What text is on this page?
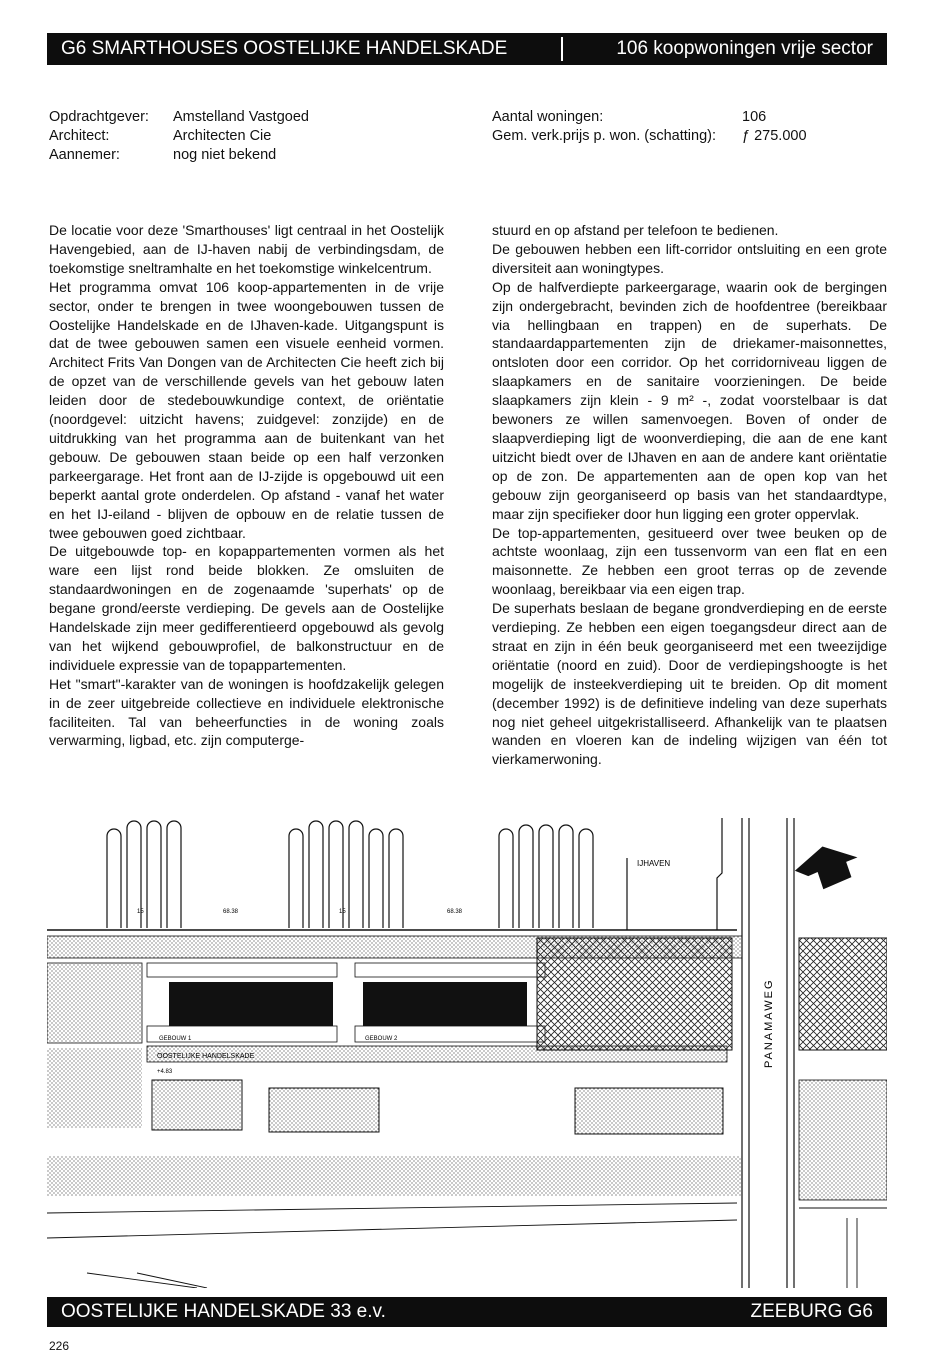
G6 SMARTHOUSES OOSTELIJKE HANDELSKADE	106 koopwoningen vrije sector
Opdrachtgever:	Amstelland Vastgoed
Architect:	Architecten Cie
Aannemer:	nog niet bekend
Aantal woningen:	106
Gem. verk.prijs p. won. (schatting):	ƒ 275.000

De locatie voor deze 'Smarthouses' ligt centraal in het Oostelijk Havengebied, aan de IJ-haven nabij de verbindingsdam, de toekomstige sneltramhalte en het toekomstige winkelcentrum.

Het programma omvat 106 koop-appartementen in de vrije sector, onder te brengen in twee woongebouwen tussen de Oostelijke Handelskade en de IJhaven-kade. Uitgangspunt is dat de twee gebouwen samen een visuele eenheid vormen. Architect Frits Van Dongen van de Architecten Cie heeft zich bij de opzet van de verschillende gevels van het gebouw laten leiden door de stedebouwkundige context, de oriëntatie (noordgevel: uitzicht havens; zuidgevel: zonzijde) en de uitdrukking van het programma aan de buitenkant van het gebouw. De gebouwen staan beide op een half verzonken parkeergarage. Het front aan de IJ-zijde is opgebouwd uit een beperkt aantal grote onderdelen. Op afstand - vanaf het water en het IJ-eiland - blijven de opbouw en de relatie tussen de twee gebouwen goed zichtbaar.

De uitgebouwde top- en kopappartementen vormen als het ware een lijst rond beide blokken. Ze omsluiten de standaardwoningen en de zogenaamde 'superhats' op de begane grond/eerste verdieping. De gevels aan de Oostelijke Handelskade zijn meer gedifferentieerd opgebouwd als gevolg van het wijkend gebouwprofiel, de balkonstructuur en de individuele expressie van de topappartementen.

Het "smart"-karakter van de woningen is hoofdzakelijk gelegen in de zeer uitgebreide collectieve en individuele elektronische faciliteiten. Tal van beheerfuncties in de woning zoals verwarming, ligbad, etc. zijn computerge-

stuurd en op afstand per telefoon te bedienen.

De gebouwen hebben een lift-corridor ontsluiting en een grote diversiteit aan woningtypes.

Op de halfverdiepte parkeergarage, waarin ook de bergingen zijn ondergebracht, bevinden zich de hoofdentree (bereikbaar via hellingbaan en trappen) en de superhats. De standaardappartementen zijn de driekamer-maisonnettes, ontsloten door een corridor. Op het corridorniveau liggen de slaapkamers en de sanitaire voorzieningen. De beide slaapkamers zijn klein - 9 m² -, zodat voorstelbaar is dat bewoners ze willen samenvoegen. Boven of onder de slaapverdieping ligt de woonverdieping, die aan de ene kant uitzicht biedt over de IJhaven en aan de andere kant oriëntatie op de zon. De appartementen aan de open kop van het gebouw zijn georganiseerd op basis van het standaardtype, maar zijn specifieker door hun ligging een groter oppervlak.

De top-appartementen, gesitueerd over twee beuken op de achtste woonlaag, zijn een tussenvorm van een flat en een maisonnette. Ze hebben een groot terras op de zevende woonlaag, bereikbaar via een eigen trap.

De superhats beslaan de begane grondverdieping en de eerste verdieping. Ze hebben een eigen toegangsdeur direct aan de straat en zijn in één beuk georganiseerd met een tweezijdige oriëntatie (noord en zuid). Door de verdiepingshoogte is het mogelijk de insteekverdieping uit te breiden. Op dit moment (december 1992) is de definitieve indeling van deze superhats nog niet geheel uitgekristalliseerd. Afhankelijk van te plaatsen wanden en vloeren kan de indeling wijzigen van één tot vierkamerwoning.

IJHAVEN
68.38	68.38
15	15
GEBOUW 1	GEBOUW 2
OOSTELIJKE HANDELSKADE
+4.83
PANAMAWEG
OOSTELIJKE HANDELSKADE 33 e.v.	ZEEBURG G6
226
